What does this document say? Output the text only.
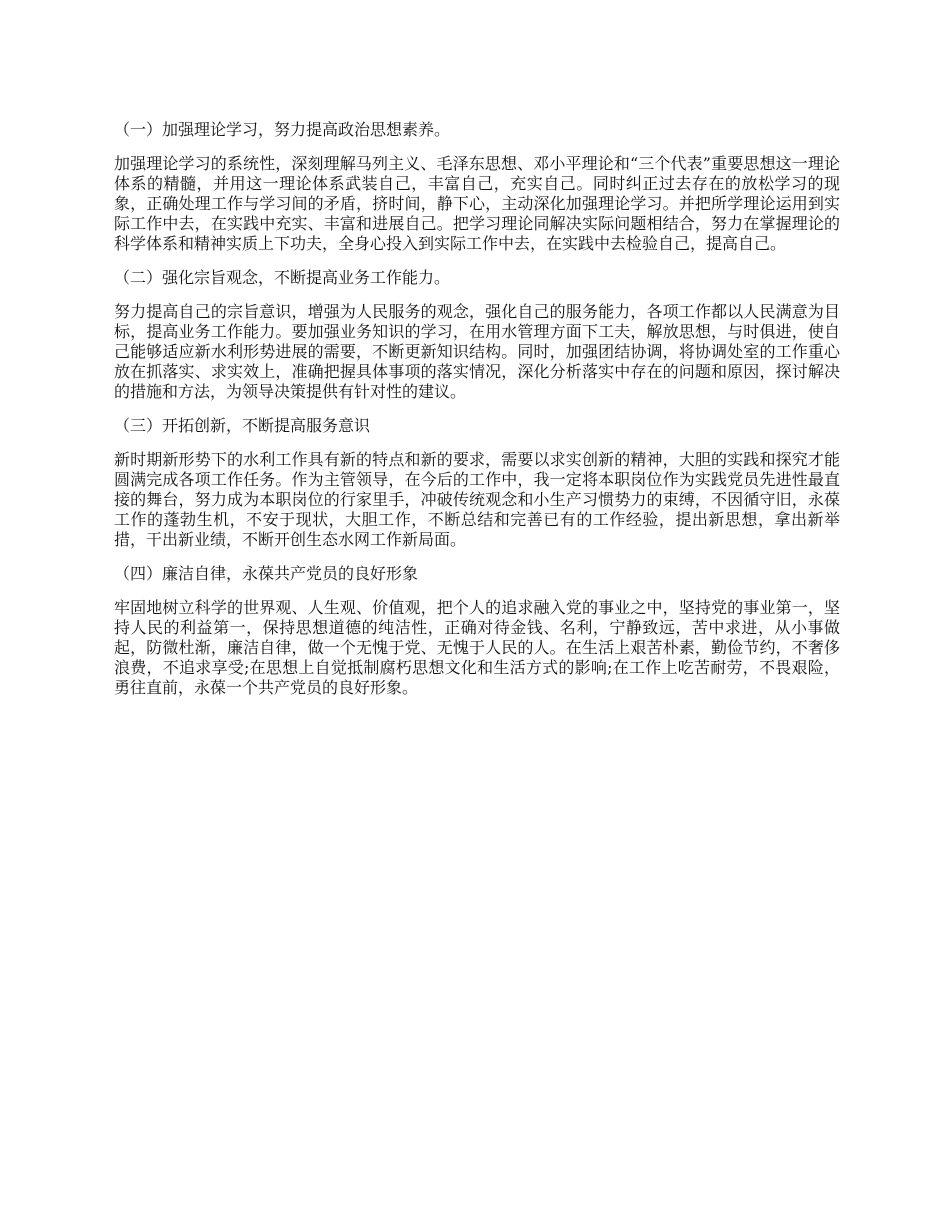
（一）加强理论学习，努力提高政治思想素养。

加强理论学习的系统性，深刻理解马列主义、毛泽东思想、邓小平理论和“三个代表”重要思想这一理论体系的精髓，并用这一理论体系武装自己，丰富自己，充实自己。同时纠正过去存在的放松学习的现象，正确处理工作与学习间的矛盾，挤时间，静下心，主动深化加强理论学习。并把所学理论运用到实际工作中去，在实践中充实、丰富和进展自己。把学习理论同解决实际问题相结合，努力在掌握理论的科学体系和精神实质上下功夫，全身心投入到实际工作中去，在实践中去检验自己，提高自己。

（二）强化宗旨观念，不断提高业务工作能力。

努力提高自己的宗旨意识，增强为人民服务的观念，强化自己的服务能力，各项工作都以人民满意为目标，提高业务工作能力。要加强业务知识的学习，在用水管理方面下工夫，解放思想，与时俱进，使自己能够适应新水利形势进展的需要，不断更新知识结构。同时，加强团结协调，将协调处室的工作重心放在抓落实、求实效上，准确把握具体事项的落实情况，深化分析落实中存在的问题和原因，探讨解决的措施和方法，为领导决策提供有针对性的建议。

（三）开拓创新，不断提高服务意识

新时期新形势下的水利工作具有新的特点和新的要求，需要以求实创新的精神，大胆的实践和探究才能圆满完成各项工作任务。作为主管领导，在今后的工作中，我一定将本职岗位作为实践党员先进性最直接的舞台，努力成为本职岗位的行家里手，冲破传统观念和小生产习惯势力的束缚，不因循守旧，永葆工作的蓬勃生机，不安于现状，大胆工作，不断总结和完善已有的工作经验，提出新思想，拿出新举措，干出新业绩，不断开创生态水网工作新局面。

（四）廉洁自律，永葆共产党员的良好形象

牢固地树立科学的世界观、人生观、价值观，把个人的追求融入党的事业之中，坚持党的事业第一，坚持人民的利益第一，保持思想道德的纯洁性，正确对待金钱、名利，宁静致远，苦中求进，从小事做起，防微杜渐，廉洁自律，做一个无愧于党、无愧于人民的人。在生活上艰苦朴素，勤俭节约，不奢侈浪费，不追求享受;在思想上自觉抵制腐朽思想文化和生活方式的影响;在工作上吃苦耐劳，不畏艰险，勇往直前，永葆一个共产党员的良好形象。
